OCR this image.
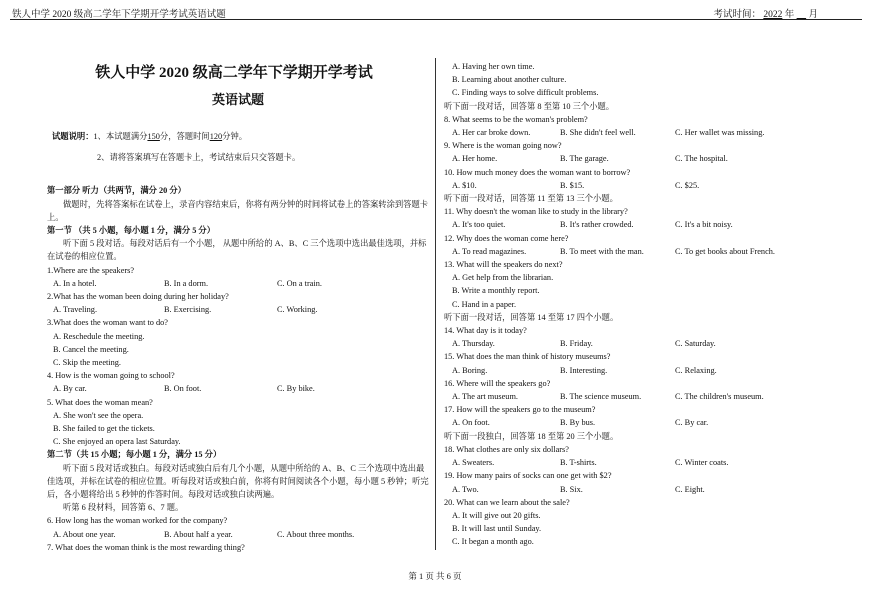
铁人中学 2020 级高二学年下学期开学考试英语试题	考试时间： 2022 年 月
铁人中学 2020 级高二学年下学期开学考试
英语试题
试题说明：1、本试题满分150分，答题时间120分钟。
2、请将答案填写在答题卡上，考试结束后只交答题卡。
第一部分 听力（共两节，满分 20 分）
做题时，先将答案标在试卷上，录音内容结束后，你将有两分钟的时间将试卷上的答案转涂到答题卡上。
第一节 （共 5 小题，每小题 1 分，满分 5 分）
听下面 5 段对话。每段对话后有一个小题， 从题中所给的 A、B、C 三个选项中选出最佳选项，并标在试卷的相应位置。
1.Where are the speakers?
A. In a hotel.	B. In a dorm.	C. On a train.
2.What has the woman been doing during her holiday?
A. Traveling.	B. Exercising.	C. Working.
3.What does the woman want to do?
A. Reschedule the meeting.
B. Cancel the meeting.
C. Skip the meeting.
4. How is the woman going to school?
A. By car.	B. On foot.	C. By bike.
5. What does the woman mean?
A. She won't see the opera.
B. She failed to get the tickets.
C. She enjoyed an opera last Saturday.
第二节（共 15 小题；每小题 1 分，满分 15 分）
听下面 5 段对话或独白。每段对话或独白后有几个小题，从题中所给的 A、B、C 三个选项中选出最佳选项，并标在试卷的相应位置。听每段对话或独白前，你将有时间阅读各个小题，每小题 5 秒钟；听完后，各小题将给出 5 秒钟的作答时间。每段对话或独白读两遍。
听第 6 段材料，回答第 6、7 题。
6. How long has the woman worked for the company?
A. About one year.	B. About half a year.	C. About three months.
7. What does the woman think is the most rewarding thing?
A. Having her own time.
B. Learning about another culture.
C. Finding ways to solve difficult problems.
听下面一段对话，回答第 8 至第 10 三个小题。
8. What seems to be the woman's problem?
A. Her car broke down.	B. She didn't feel well.	C. Her wallet was missing.
9. Where is the woman going now?
A. Her home.	B. The garage.	C. The hospital.
10. How much money does the woman want to borrow?
A. $10.	B. $15.	C. $25.
听下面一段对话，回答第 11 至第 13 三个小题。
11. Why doesn't the woman like to study in the library?
A. It's too quiet.	B. It's rather crowded.	C. It's a bit noisy.
12. Why does the woman come here?
A. To read magazines.	B. To meet with the man.	C. To get books about French.
13. What will the speakers do next?
A. Get help from the librarian.
B. Write a monthly report.
C. Hand in a paper.
听下面一段对话，回答第 14 至第 17 四个小题。
14. What day is it today?
A. Thursday.	B. Friday.	C. Saturday.
15. What does the man think of history museums?
A. Boring.	B. Interesting.	C. Relaxing.
16. Where will the speakers go?
A. The art museum.	B. The science museum.	C. The children's museum.
17. How will the speakers go to the museum?
A. On foot.	B. By bus.	C. By car.
听下面一段独白，回答第 18 至第 20 三个小题。
18. What clothes are only six dollars?
A. Sweaters.	B. T-shirts.	C. Winter coats.
19. How many pairs of socks can one get with $2?
A. Two.	B. Six.	C. Eight.
20. What can we learn about the sale?
A. It will give out 20 gifts.
B. It will last until Sunday.
C. It began a month ago.
第 1 页 共 6 页
